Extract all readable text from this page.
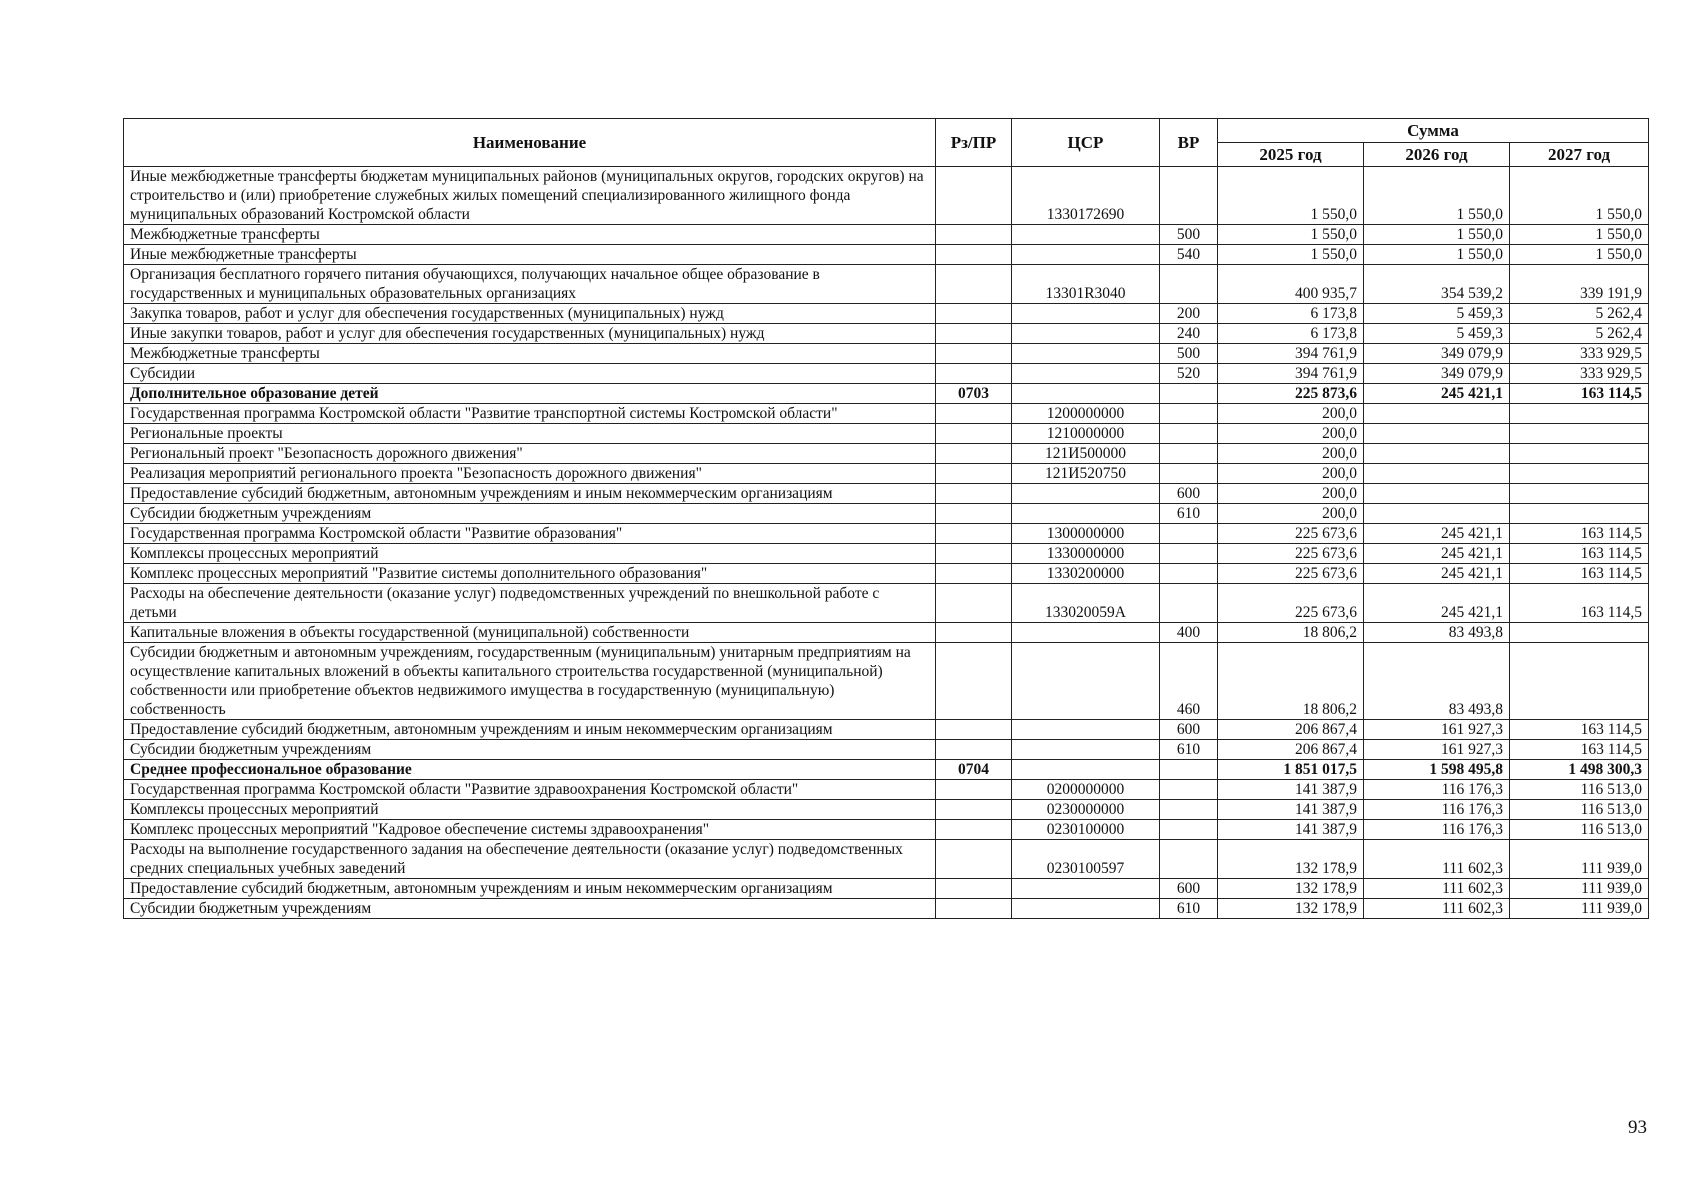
Наименование	Рз/ПР	ЦСР	ВР	Сумма		
				2025 год	2026 год	2027 год
Иные межбюджетные трансферты бюджетам муниципальных районов (муниципальных округов, городских округов) на строительство и (или) приобретение служебных жилых помещений специализированного жилищного фонда муниципальных образований Костромской области		1330172690		1 550,0	1 550,0	1 550,0
Межбюджетные трансферты			500	1 550,0	1 550,0	1 550,0
Иные межбюджетные трансферты			540	1 550,0	1 550,0	1 550,0
Организация бесплатного горячего питания обучающихся, получающих начальное общее образование в государственных и муниципальных образовательных организациях		13301R3040		400 935,7	354 539,2	339 191,9
Закупка товаров, работ и услуг для обеспечения государственных (муниципальных) нужд			200	6 173,8	5 459,3	5 262,4
Иные закупки товаров, работ и услуг для обеспечения государственных (муниципальных) нужд			240	6 173,8	5 459,3	5 262,4
Межбюджетные трансферты			500	394 761,9	349 079,9	333 929,5
Субсидии			520	394 761,9	349 079,9	333 929,5
Дополнительное образование детей	0703			225 873,6	245 421,1	163 114,5
Государственная программа Костромской области "Развитие транспортной системы Костромской области"		1200000000		200,0		
Региональные проекты		1210000000		200,0		
Региональный проект "Безопасность дорожного движения"		121И500000		200,0		
Реализация мероприятий регионального проекта "Безопасность дорожного движения"		121И520750		200,0		
Предоставление субсидий бюджетным, автономным учреждениям и иным некоммерческим организациям			600	200,0		
Субсидии бюджетным учреждениям			610	200,0		
Государственная программа Костромской области "Развитие образования"		1300000000		225 673,6	245 421,1	163 114,5
Комплексы процессных мероприятий		1330000000		225 673,6	245 421,1	163 114,5
Комплекс процессных мероприятий "Развитие системы дополнительного образования"		1330200000		225 673,6	245 421,1	163 114,5
Расходы на обеспечение деятельности (оказание услуг) подведомственных учреждений по внешкольной работе с детьми		133020059А		225 673,6	245 421,1	163 114,5
Капитальные вложения в объекты государственной (муниципальной) собственности			400	18 806,2	83 493,8	
Субсидии бюджетным и автономным учреждениям, государственным (муниципальным) унитарным предприятиям на осуществление капитальных вложений в объекты капитального строительства государственной (муниципальной) собственности или приобретение объектов недвижимого имущества в государственную (муниципальную) собственность			460	18 806,2	83 493,8	
Предоставление субсидий бюджетным, автономным учреждениям и иным некоммерческим организациям			600	206 867,4	161 927,3	163 114,5
Субсидии бюджетным учреждениям			610	206 867,4	161 927,3	163 114,5
Среднее профессиональное образование	0704			1 851 017,5	1 598 495,8	1 498 300,3
Государственная программа Костромской области "Развитие здравоохранения Костромской области"		0200000000		141 387,9	116 176,3	116 513,0
Комплексы процессных мероприятий		0230000000		141 387,9	116 176,3	116 513,0
Комплекс процессных мероприятий "Кадровое обеспечение системы здравоохранения"		0230100000		141 387,9	116 176,3	116 513,0
Расходы на выполнение государственного задания на обеспечение деятельности (оказание услуг) подведомственных средних специальных учебных заведений		0230100597		132 178,9	111 602,3	111 939,0
Предоставление субсидий бюджетным, автономным учреждениям и иным некоммерческим организациям			600	132 178,9	111 602,3	111 939,0
Субсидии бюджетным учреждениям			610	132 178,9	111 602,3	111 939,0
93
